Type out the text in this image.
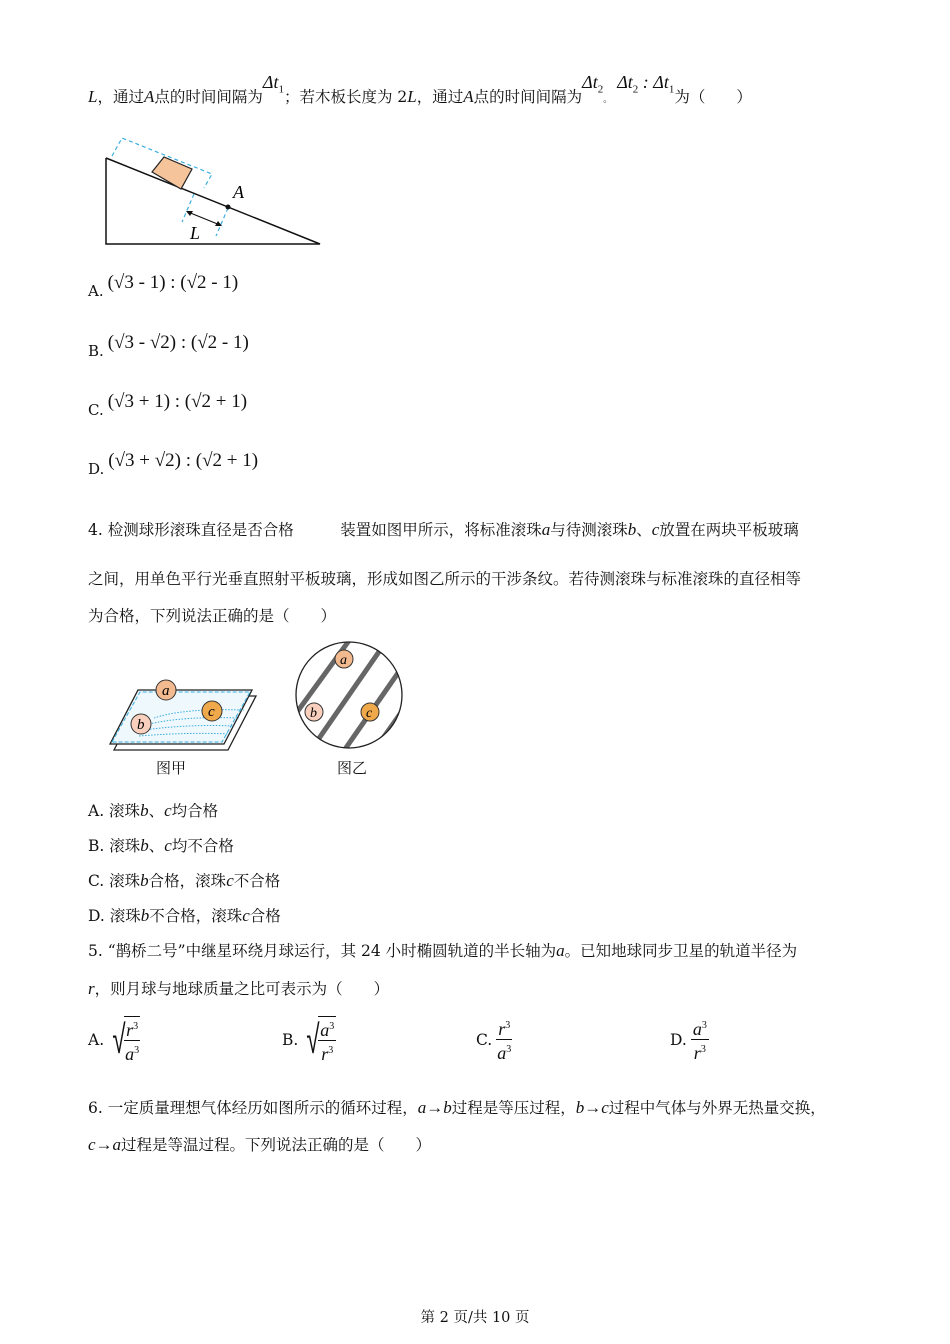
L，通过A点的时间间隔为$\Delta t_1$；若木板长度为 2L，通过A点的时间间隔为$\Delta t_2$。 $\Delta t_2$ : $\Delta t_1$为（　　）
A
L
A. (√3 - 1) : (√2 - 1)
B. (√3 - √2) : (√2 - 1)
C. (√3 + 1) : (√2 + 1)
D. (√3 + √2) : (√2 + 1)
4. 检测球形滚珠直径是否合格　　　装置如图甲所示，将标准滚珠a与待测滚珠b、c放置在两块平板玻璃
之间，用单色平行光垂直照射平板玻璃，形成如图乙所示的干涉条纹。若待测滚珠与标准滚珠的直径相等
为合格，下列说法正确的是（　　）
a
c
b
图甲
a
b	c
图乙
A. 滚珠b、c均合格
B. 滚珠b、c均不合格
C. 滚珠b合格，滚珠c不合格
D. 滚珠b不合格，滚珠c合格
5. “鹊桥二号”中继星环绕月球运行，其 24 小时椭圆轨道的半长轴为a。已知地球同步卫星的轨道半径为
r，则月球与地球质量之比可表示为（　　）
A. √
$\frac{r^3}{a^3}$	B. √
$\frac{a^3}{r^3}$	C. $\frac{r^3}{a^3}$	D. $\frac{a^3}{r^3}$
6. 一定质量理想气体经历如图所示的循环过程，a→b过程是等压过程，b→c过程中气体与外界无热量交换，
c→a过程是等温过程。下列说法正确的是（　　）
第 2 页/共 10 页
